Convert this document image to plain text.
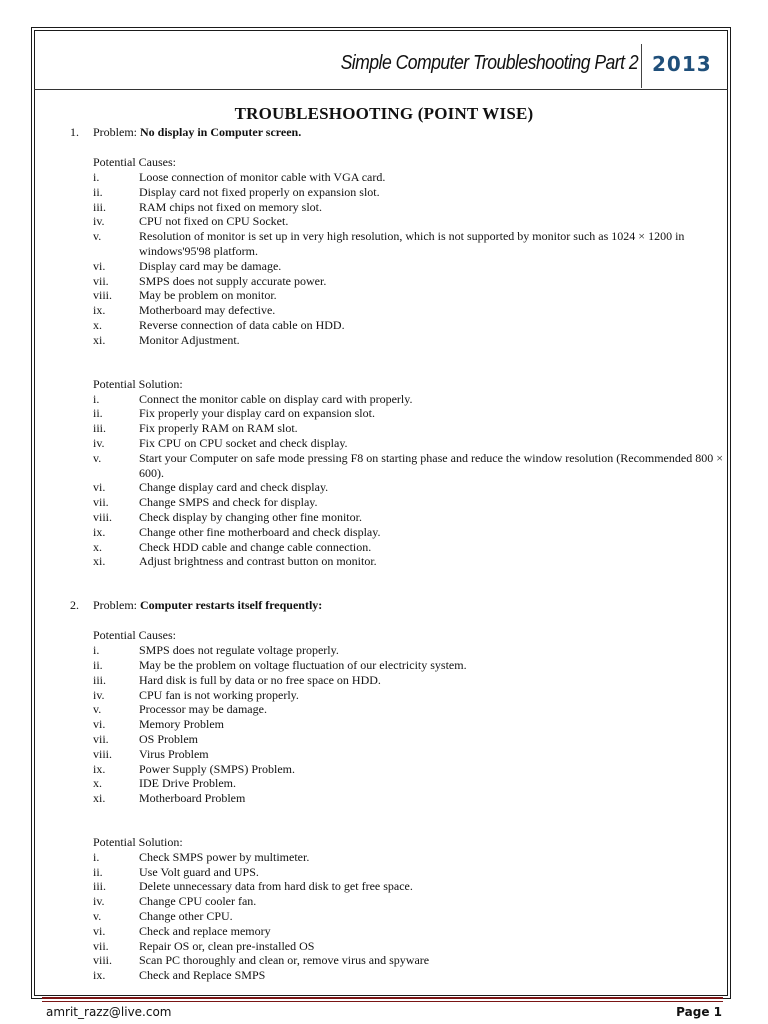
Simple Computer Troubleshooting Part 2 2013
TROUBLESHOOTING (POINT WISE)
1. Problem: No display in Computer screen.
Potential Causes:
i.	Loose connection of monitor cable with VGA card.
ii.	Display card not fixed properly on expansion slot.
iii.	RAM chips not fixed on memory slot.
iv.	CPU not fixed on CPU Socket.
v.	Resolution of monitor is set up in very high resolution, which is not supported by monitor such as 1024 × 1200 in windows'95'98 platform.
vi.	Display card may be damage.
vii.	SMPS does not supply accurate power.
viii. May be problem on monitor.
ix.	Motherboard may defective.
x.	Reverse connection of data cable on HDD.
xi.	Monitor Adjustment.
Potential Solution:
i.	Connect the monitor cable on display card with properly.
ii.	Fix properly your display card on expansion slot.
iii.	Fix properly RAM on RAM slot.
iv.	Fix CPU on CPU socket and check display.
v.	Start your Computer on safe mode pressing F8 on starting phase and reduce the window resolution (Recommended 800 × 600).
vi.	Change display card and check display.
vii.	Change SMPS and check for display.
viii. Check display by changing other fine monitor.
ix.	Change other fine motherboard and check display.
x.	Check HDD cable and change cable connection.
xi.	Adjust brightness and contrast button on monitor.
2. Problem: Computer restarts itself frequently:
Potential Causes:
i.	SMPS does not regulate voltage properly.
ii.	May be the problem on voltage fluctuation of our electricity system.
iii.	Hard disk is full by data or no free space on HDD.
iv.	CPU fan is not working properly.
v.	Processor may be damage.
vi.	Memory Problem
vii.	OS Problem
viii. Virus Problem
ix.	Power Supply (SMPS) Problem.
x.	IDE Drive Problem.
xi.	Motherboard Problem
Potential Solution:
i.	Check SMPS power by multimeter.
ii.	Use Volt guard and UPS.
iii.	Delete unnecessary data from hard disk to get free space.
iv.	Change CPU cooler fan.
v.	Change other CPU.
vi.	Check and replace memory
vii.	Repair OS or, clean pre-installed OS
viii. Scan PC thoroughly and clean or, remove virus and spyware
ix.	Check and Replace SMPS
amrit_razz@live.com	Page 1
